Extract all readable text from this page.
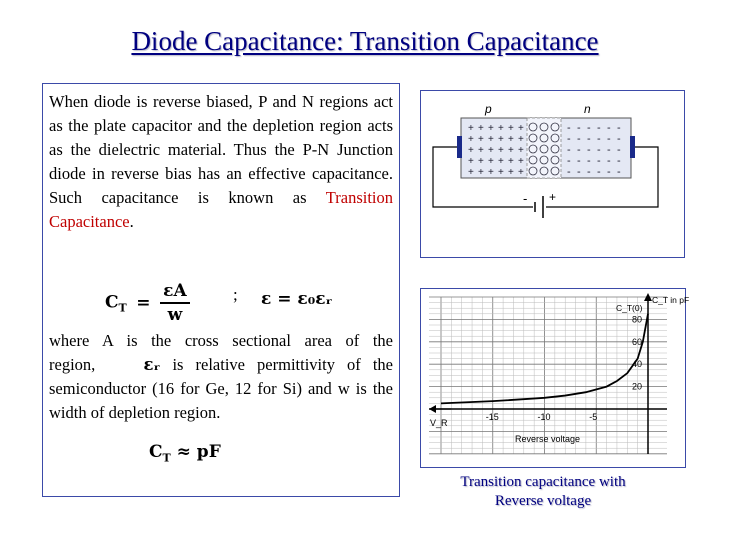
Diode Capacitance: Transition Capacitance
When diode is reverse biased, P and N regions act as the plate capacitor and the depletion region acts as the dielectric material. Thus the P-N Junction diode in reverse bias has an effective capacitance. Such capacitance is known as Transition Capacitance.
$C_T = \frac{\varepsilon A}{w}$	; ε = ε₀εᵣ
where A is the cross sectional area of the region,	εᵣ is relative permittivity of the semiconductor (16 for Ge, 12 for Si) and w is the width of depletion region.
$C_T$ ≈ pF
+ + + + + +
+ + + + + +
+ + + + + +
+ + + + + +
+ + + + + +
- - - - - -
- - - - - -
- - - - - -
- - - - - -
- - - - - -
p	n
- +
-15	-10	-5
20
40
60
80
V_R
Reverse voltage
C_T in pF
C_T(0)
Transition capacitance with
Reverse voltage
